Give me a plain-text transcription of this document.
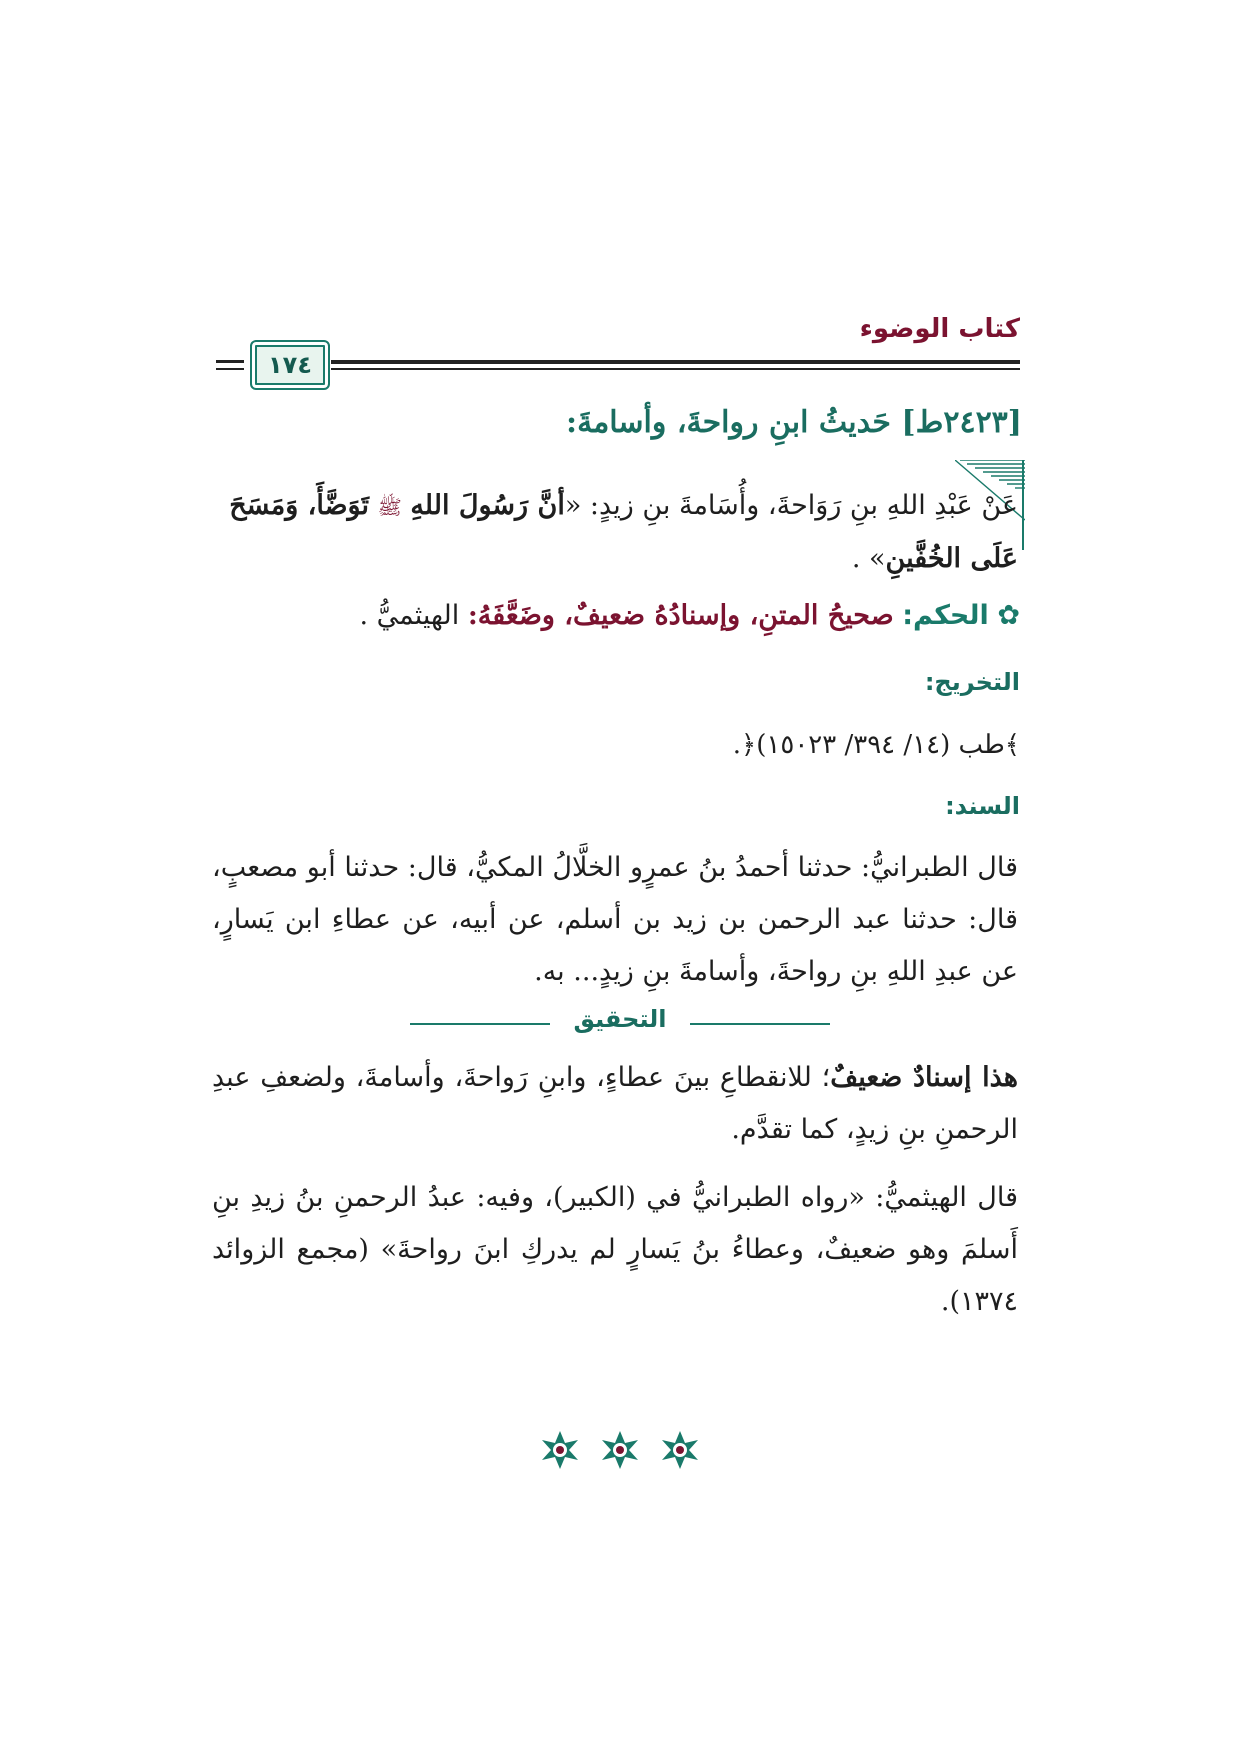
كتاب الوضوء
١٧٤
[٢٤٢٣ط] حَديثُ ابنِ رواحةَ، وأسامةَ:
عَنْ عَبْدِ اللهِ بنِ رَوَاحةَ، وأُسَامةَ بنِ زيدٍ: «أنَّ رَسُولَ اللهِ ﷺ تَوَضَّأَ، وَمَسَحَ عَلَى الخُفَّينِ» .
✿ الحكم: صحيحُ المتنِ، وإسنادُهُ ضعيفٌ، وضَعَّفَهُ: الهيثميُّ .
التخريج:
﴾طب (١٤/ ٣٩٤/ ١٥٠٢٣)﴿.
السند:
قال الطبرانيُّ: حدثنا أحمدُ بنُ عمرٍو الخلَّالُ المكيُّ، قال: حدثنا أبو مصعبٍ، قال: حدثنا عبد الرحمن بن زيد بن أسلم، عن أبيه، عن عطاءِ ابن يَسارٍ، عن عبدِ اللهِ بنِ رواحةَ، وأسامةَ بنِ زيدٍ... به.
التحقيق
هذا إسنادٌ ضعيفٌ؛ للانقطاعِ بينَ عطاءٍ، وابنِ رَواحةَ، وأسامةَ، ولضعفِ عبدِ الرحمنِ بنِ زيدٍ، كما تقدَّم.
قال الهيثميُّ: «رواه الطبرانيُّ في (الكبير)، وفيه: عبدُ الرحمنِ بنُ زيدِ بنِ أَسلمَ وهو ضعيفٌ، وعطاءُ بنُ يَسارٍ لم يدركِ ابنَ رواحةَ» (مجمع الزوائد ١٣٧٤).
